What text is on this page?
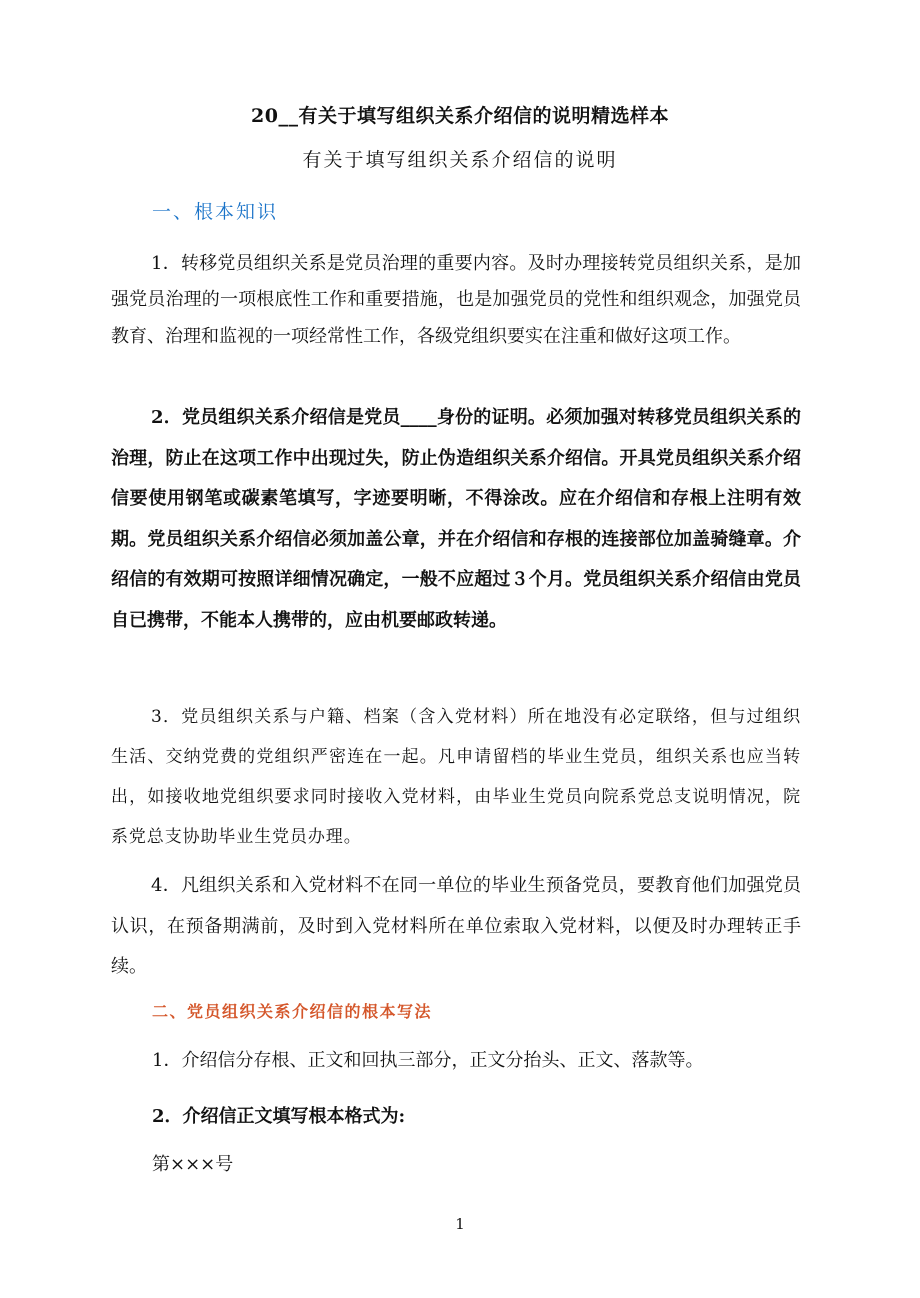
20__有关于填写组织关系介绍信的说明精选样本
有关于填写组织关系介绍信的说明
一、根本知识

1．转移党员组织关系是党员治理的重要内容。及时办理接转党员组织关系，是加强党员治理的一项根底性工作和重要措施，也是加强党员的党性和组织观念，加强党员教育、治理和监视的一项经常性工作，各级党组织要实在注重和做好这项工作。

2．党员组织关系介绍信是党员____身份的证明。必须加强对转移党员组织关系的治理，防止在这项工作中出现过失，防止伪造组织关系介绍信。开具党员组织关系介绍信要使用钢笔或碳素笔填写，字迹要明晰，不得涂改。应在介绍信和存根上注明有效期。党员组织关系介绍信必须加盖公章，并在介绍信和存根的连接部位加盖骑缝章。介绍信的有效期可按照详细情况确定，一般不应超过３个月。党员组织关系介绍信由党员自已携带，不能本人携带的，应由机要邮政转递。

3．党员组织关系与户籍、档案（含入党材料）所在地没有必定联络，但与过组织生活、交纳党费的党组织严密连在一起。凡申请留档的毕业生党员，组织关系也应当转出，如接收地党组织要求同时接收入党材料，由毕业生党员向院系党总支说明情况，院系党总支协助毕业生党员办理。

4．凡组织关系和入党材料不在同一单位的毕业生预备党员，要教育他们加强党员认识，在预备期满前，及时到入党材料所在单位索取入党材料，以便及时办理转正手续。

二、党员组织关系介绍信的根本写法
1．介绍信分存根、正文和回执三部分，正文分抬头、正文、落款等。
2．介绍信正文填写根本格式为:
第×××号
1
